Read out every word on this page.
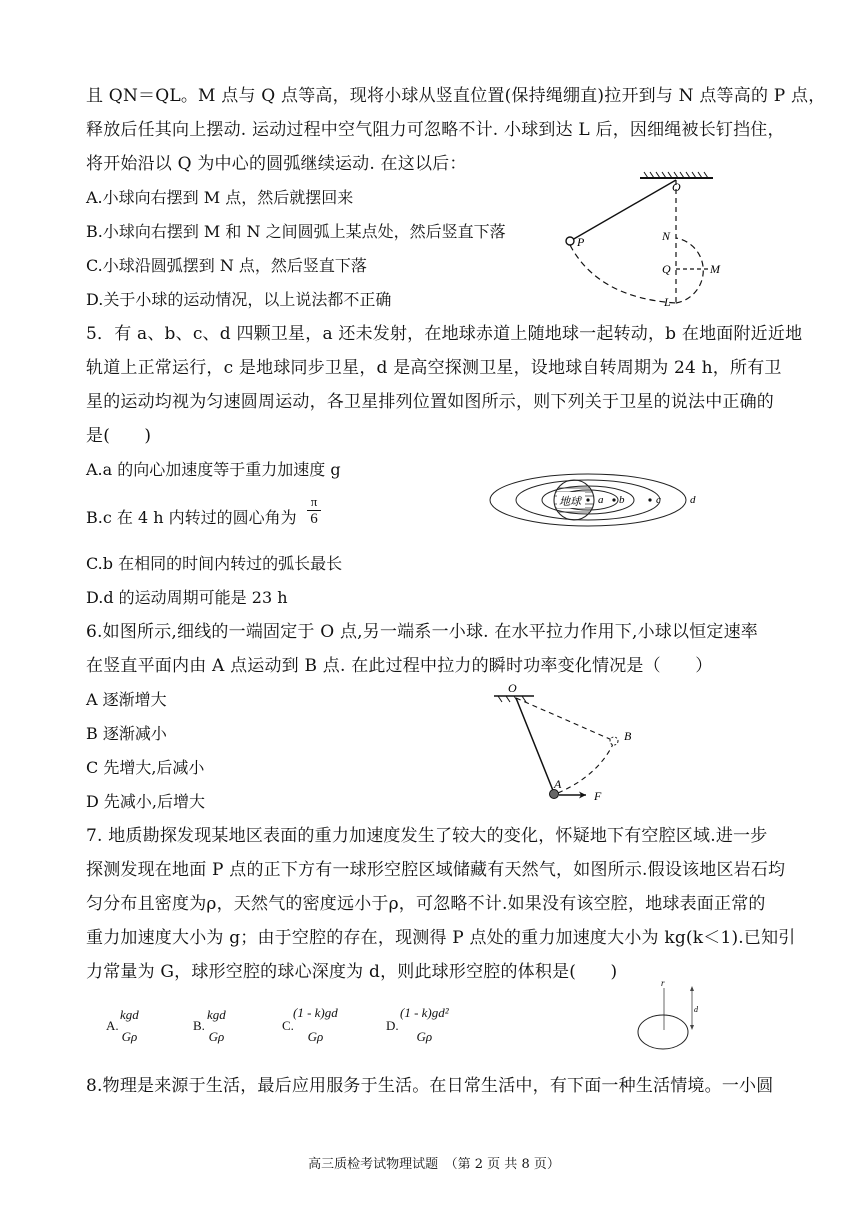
且 QN＝QL。M 点与 Q 点等高，现将小球从竖直位置(保持绳绷直)拉开到与 N 点等高的 P 点，
释放后任其向上摆动. 运动过程中空气阻力可忽略不计. 小球到达 L 后，因细绳被长钉挡住，
将开始沿以 Q 为中心的圆弧继续运动. 在这以后：
A.小球向右摆到 M 点，然后就摆回来
B.小球向右摆到 M 和 N 之间圆弧上某点处，然后竖直下落
C.小球沿圆弧摆到 N 点，然后竖直下落
D.关于小球的运动情况，以上说法都不正确
O
P	N
Q	M
L
5．有 a、b、c、d 四颗卫星，a 还未发射，在地球赤道上随地球一起转动，b 在地面附近近地
轨道上正常运行，c 是地球同步卫星，d 是高空探测卫星，设地球自转周期为 24 h，所有卫
星的运动均视为匀速圆周运动，各卫星排列位置如图所示，则下列关于卫星的说法中正确的
是(　　)
A.a 的向心加速度等于重力加速度 g
B.c 在 4 h 内转过的圆心角为 $\frac{\pi}{6}$
C.b 在相同的时间内转过的弧长最长
D.d 的运动周期可能是 23 h
地球 a b	c	d
6.如图所示,细线的一端固定于 O 点,另一端系一小球. 在水平拉力作用下,小球以恒定速率
在竖直平面内由 A 点运动到 B 点. 在此过程中拉力的瞬时功率变化情况是（　　）
A 逐渐增大
B 逐渐减小
C 先增大,后减小
D 先减小,后增大
O
B
A
F
7. 地质勘探发现某地区表面的重力加速度发生了较大的变化，怀疑地下有空腔区域.进一步
探测发现在地面 P 点的正下方有一球形空腔区域储藏有天然气，如图所示.假设该地区岩石均
匀分布且密度为ρ，天然气的密度远小于ρ，可忽略不计.如果没有该空腔，地球表面正常的
重力加速度大小为 g；由于空腔的存在，现测得 P 点处的重力加速度大小为 kg(k＜1).已知引
力常量为 G，球形空腔的球心深度为 d，则此球形空腔的体积是(　　)
A.
kgd
Gρ
B.
kgd
Gρ
C.
(1 - k)gd
Gρ
D.
(1 - k)gd²
Gρ
r
d
8.物理是来源于生活，最后应用服务于生活。在日常生活中，有下面一种生活情境。一小圆
高三质检考试物理试题　（第 2 页 共 8 页）
